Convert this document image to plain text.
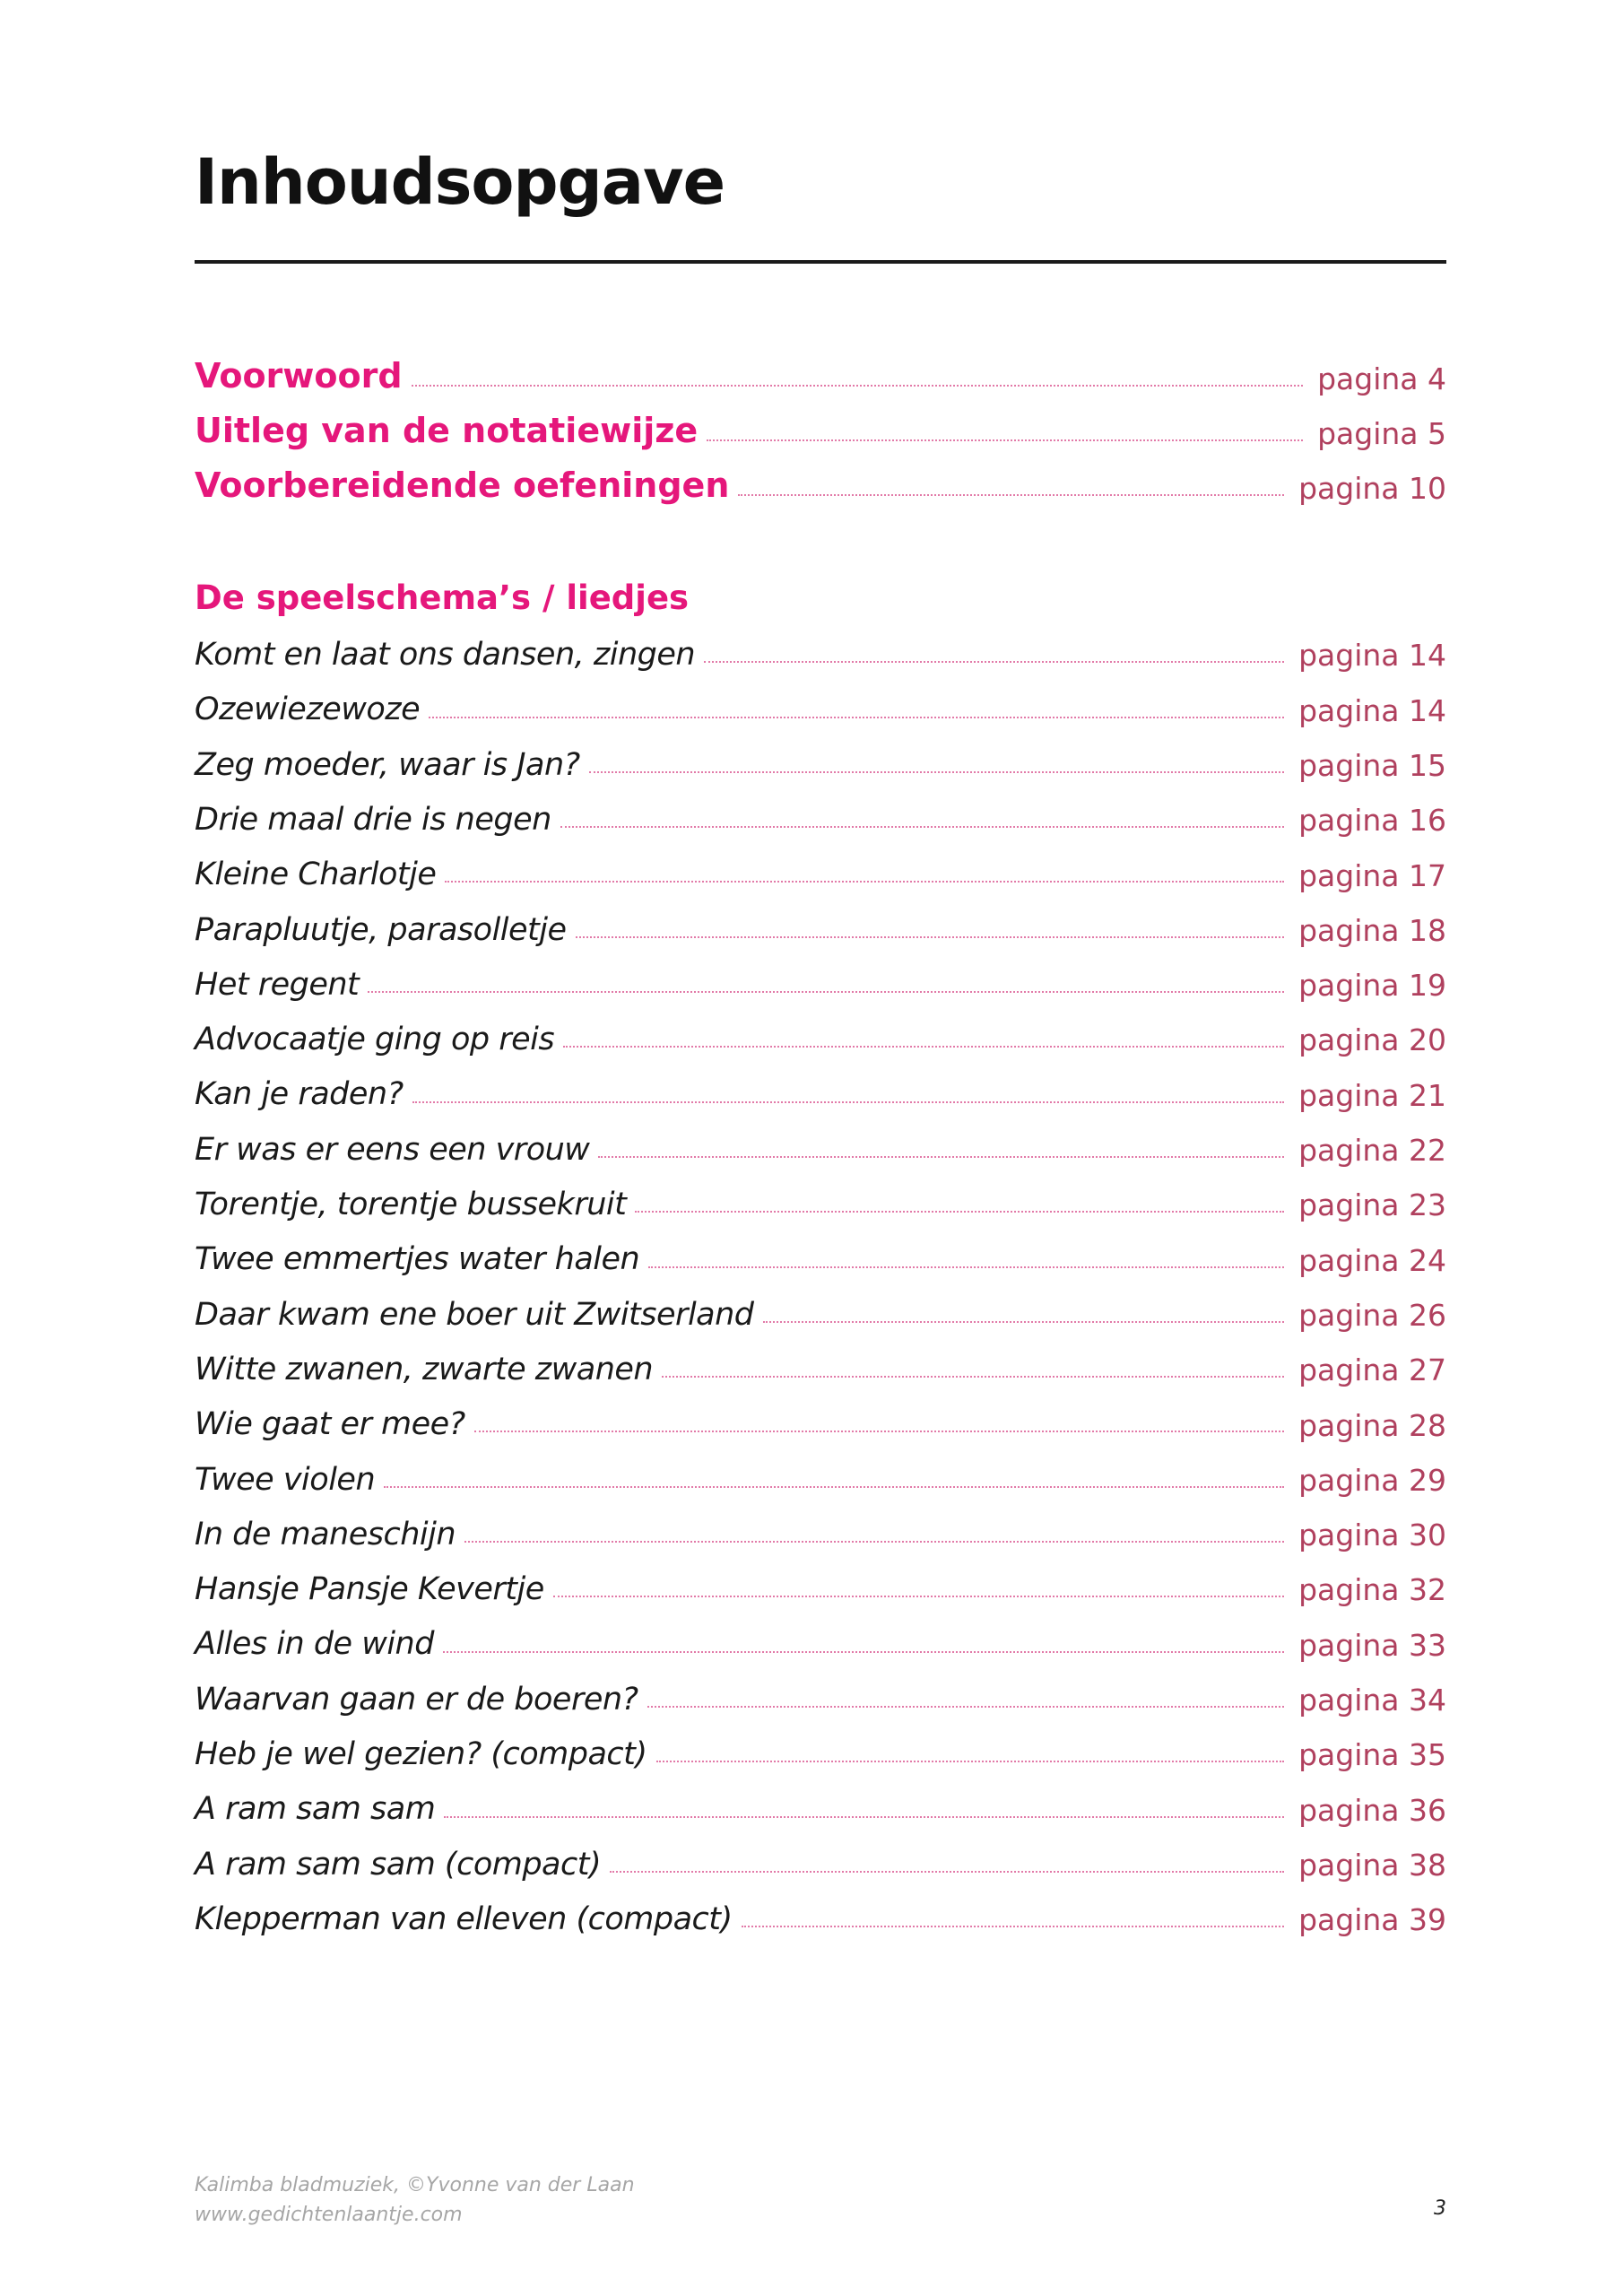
Inhoudsopgave
Voorwoord	pagina 4
Uitleg van de notatiewijze	pagina 5
Voorbereidende oefeningen	pagina 10
De speelschema’s / liedjes
Komt en laat ons dansen, zingen	pagina 14
Ozewiezewoze	pagina 14
Zeg moeder, waar is Jan?	pagina 15
Drie maal drie is negen	pagina 16
Kleine Charlotje	pagina 17
Parapluutje, parasolletje	pagina 18
Het regent	pagina 19
Advocaatje ging op reis	pagina 20
Kan je raden?	pagina 21
Er was er eens een vrouw	pagina 22
Torentje, torentje bussekruit	pagina 23
Twee emmertjes water halen	pagina 24
Daar kwam ene boer uit Zwitserland	pagina 26
Witte zwanen, zwarte zwanen	pagina 27
Wie gaat er mee?	pagina 28
Twee violen	pagina 29
In de maneschijn	pagina 30
Hansje Pansje Kevertje	pagina 32
Alles in de wind	pagina 33
Waarvan gaan er de boeren?	pagina 34
Heb je wel gezien? (compact)	pagina 35
A ram sam sam	pagina 36
A ram sam sam (compact)	pagina 38
Klepperman van elleven (compact)	pagina 39
Kalimba bladmuziek, ©Yvonne van der Laan
www.gedichtenlaantje.com	3
